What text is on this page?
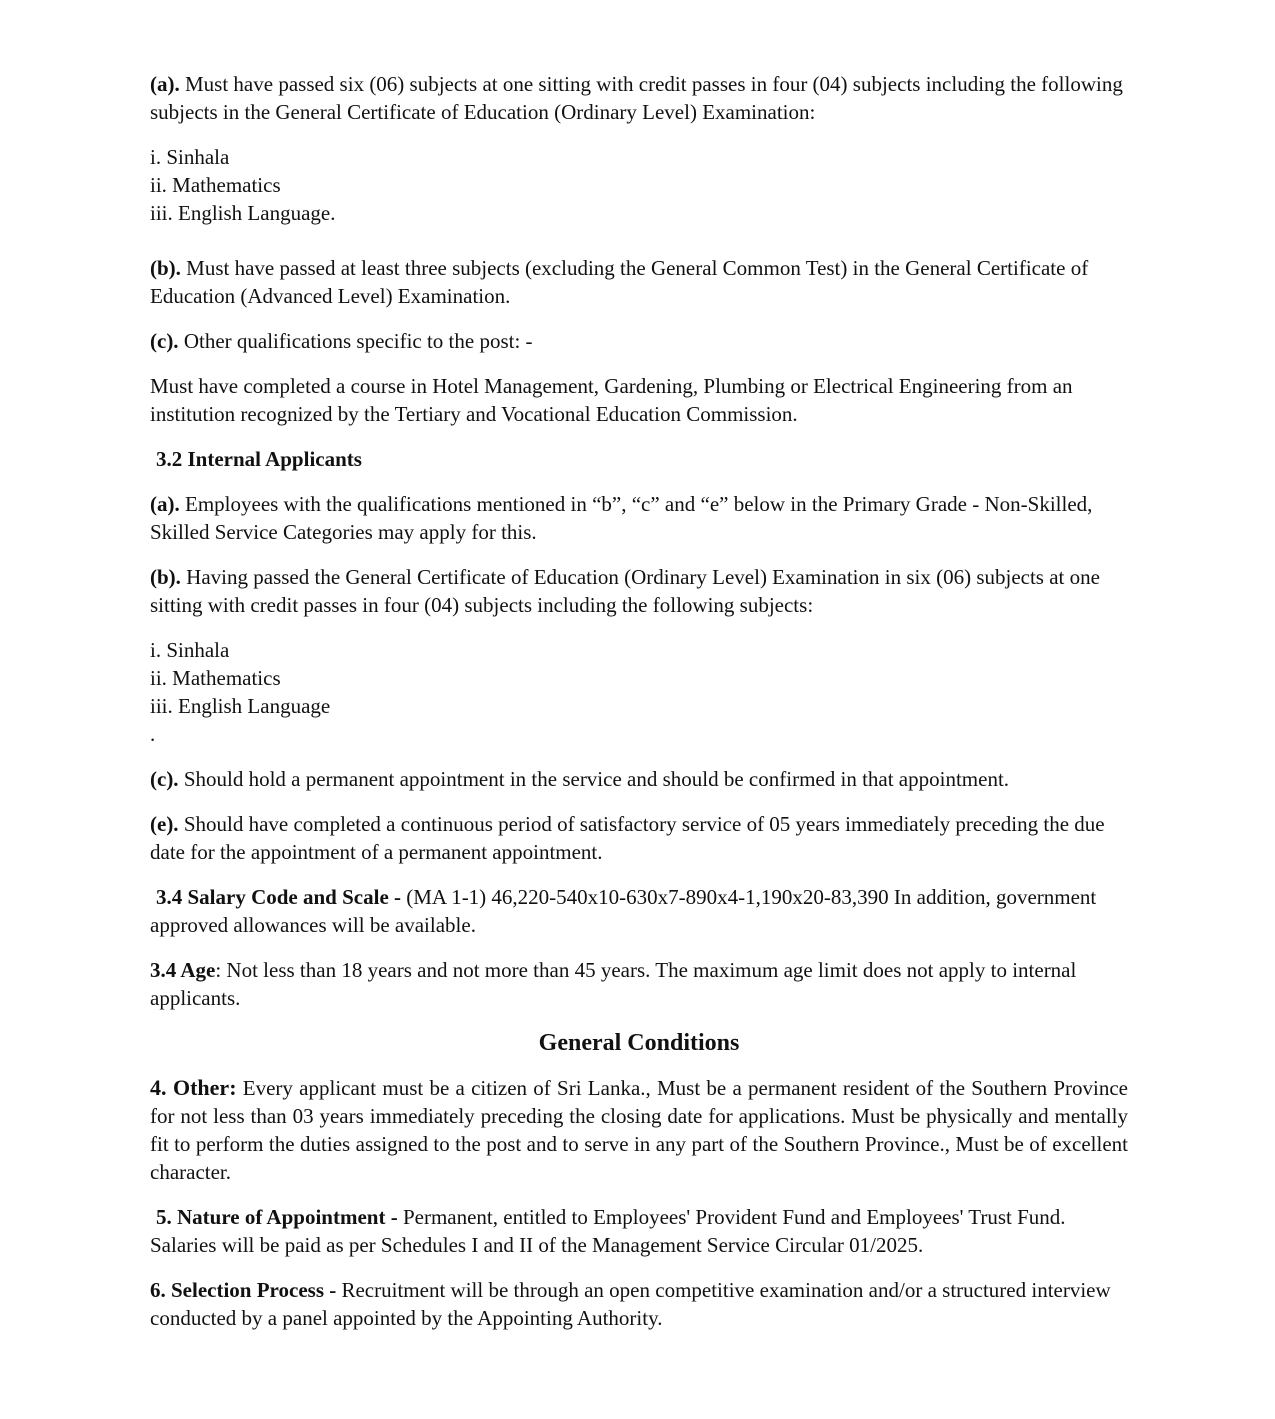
(a). Must have passed six (06) subjects at one sitting with credit passes in four (04) subjects including the following subjects in the General Certificate of Education (Ordinary Level) Examination:

i. Sinhala
ii. Mathematics
iii. English Language.

(b). Must have passed at least three subjects (excluding the General Common Test) in the General Certificate of Education (Advanced Level) Examination.

(c). Other qualifications specific to the post: -

Must have completed a course in Hotel Management, Gardening, Plumbing or Electrical Engineering from an institution recognized by the Tertiary and Vocational Education Commission.

3.2 Internal Applicants

(a). Employees with the qualifications mentioned in “b”, “c” and “e” below in the Primary Grade - Non-Skilled, Skilled Service Categories may apply for this.

(b). Having passed the General Certificate of Education (Ordinary Level) Examination in six (06) subjects at one sitting with credit passes in four (04) subjects including the following subjects:

i. Sinhala
ii. Mathematics
iii. English Language
.

(c). Should hold a permanent appointment in the service and should be confirmed in that appointment.

(e). Should have completed a continuous period of satisfactory service of 05 years immediately preceding the due date for the appointment of a permanent appointment.

3.4 Salary Code and Scale - (MA 1-1) 46,220-540x10-630x7-890x4-1,190x20-83,390 In addition, government approved allowances will be available.

3.4 Age: Not less than 18 years and not more than 45 years. The maximum age limit does not apply to internal applicants.

General Conditions

4. Other: Every applicant must be a citizen of Sri Lanka., Must be a permanent resident of the Southern Province for not less than 03 years immediately preceding the closing date for applications. Must be physically and mentally fit to perform the duties assigned to the post and to serve in any part of the Southern Province., Must be of excellent character.

5. Nature of Appointment - Permanent, entitled to Employees' Provident Fund and Employees' Trust Fund. Salaries will be paid as per Schedules I and II of the Management Service Circular 01/2025.

6. Selection Process - Recruitment will be through an open competitive examination and/or a structured interview conducted by a panel appointed by the Appointing Authority.
